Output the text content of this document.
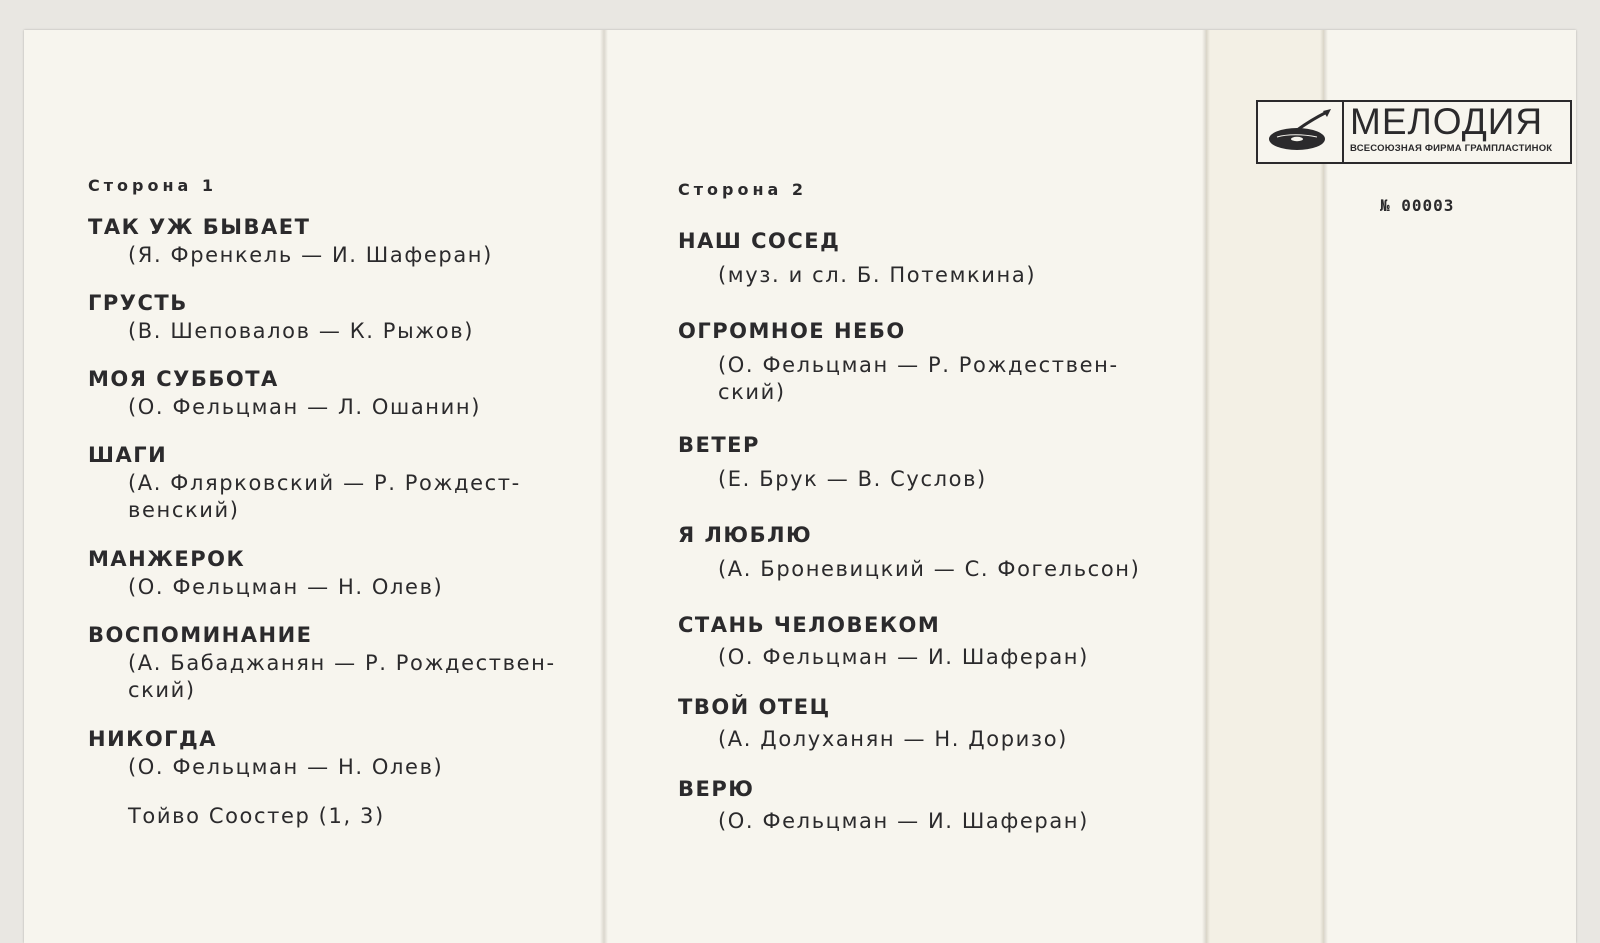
Сторона 1
ТАК УЖ БЫВАЕТ
(Я. Френкель — И. Шаферан)
ГРУСТЬ
(В. Шеповалов — К. Рыжов)
МОЯ СУББОТА
(О. Фельцман — Л. Ошанин)
ШАГИ
(А. Флярковский — Р. Рождест-
венский)
МАНЖЕРОК
(О. Фельцман — Н. Олев)
ВОСПОМИНАНИЕ
(А. Бабаджанян — Р. Рождествен-
ский)
НИКОГДА
(О. Фельцман — Н. Олев)
Тойво Соостер (1, 3)
Сторона 2
НАШ СОСЕД
(муз. и сл. Б. Потемкина)
ОГРОМНОЕ НЕБО
(О. Фельцман — Р. Рождествен-
ский)
ВЕТЕР
(Е. Брук — В. Суслов)
Я ЛЮБЛЮ
(А. Броневицкий — С. Фогельсон)
СТАНЬ ЧЕЛОВЕКОМ
(О. Фельцман — И. Шаферан)
ТВОЙ ОТЕЦ
(А. Долуханян — Н. Доризо)
ВЕРЮ
(О. Фельцман — И. Шаферан)
МЕЛОДИЯ
ВСЕСОЮЗНАЯ ФИРМА ГРАМПЛАСТИНОК
№ 00003
